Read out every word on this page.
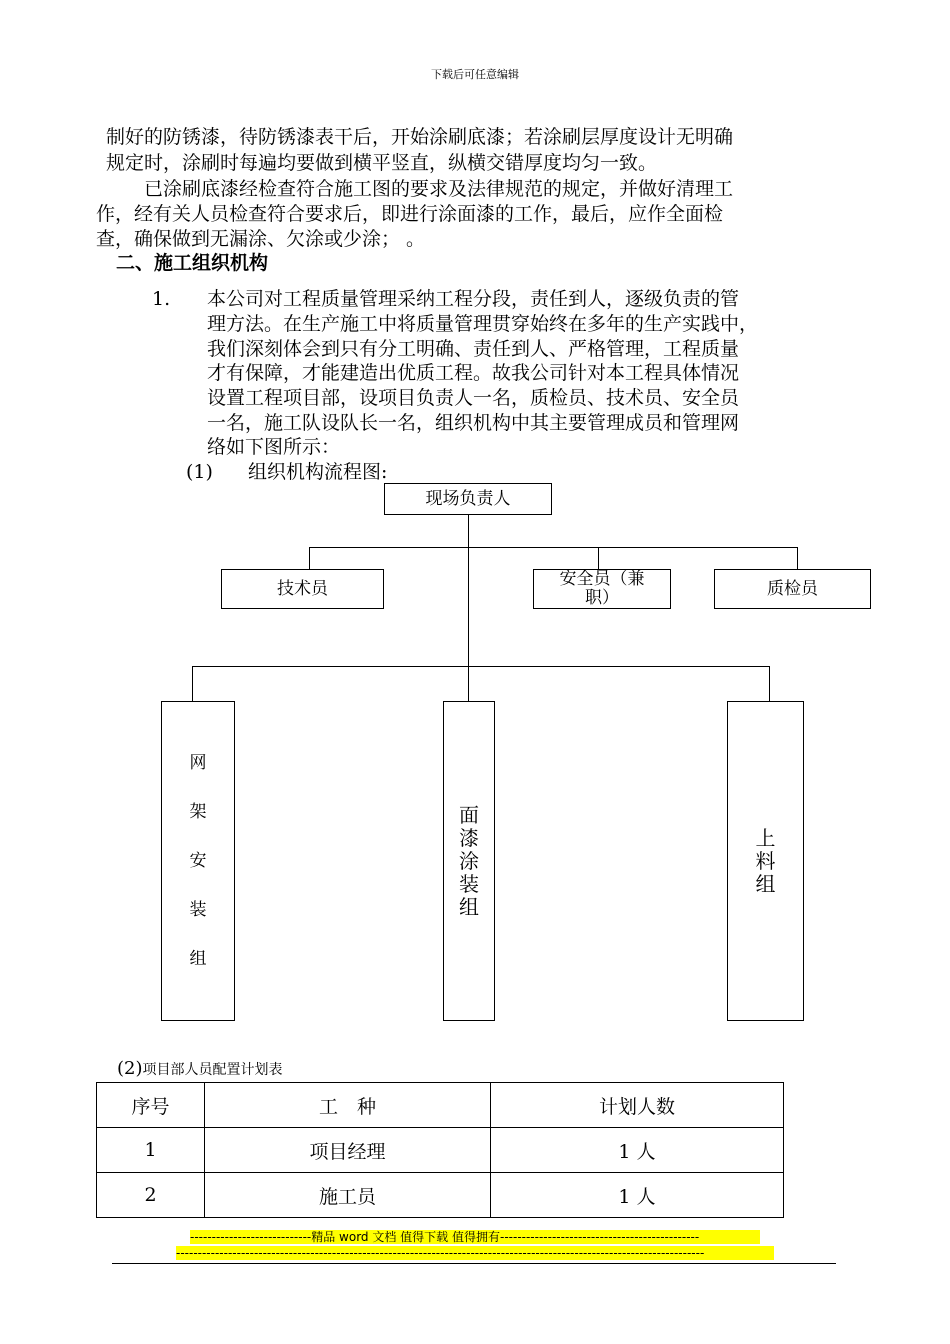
下载后可任意编辑
制好的防锈漆，待防锈漆表干后，开始涂刷底漆；若涂刷层厚度设计无明确
规定时，涂刷时每遍均要做到横平竖直，纵横交错厚度均匀一致。
已涂刷底漆经检查符合施工图的要求及法律规范的规定，并做好清理工
作，经有关人员检查符合要求后，即进行涂面漆的工作，最后，应作全面检
查，确保做到无漏涂、欠涂或少涂； 。
二、施工组织机构
1. 本公司对工程质量管理采纳工程分段，责任到人，逐级负责的管
理方法。在生产施工中将质量管理贯穿始终在多年的生产实践中，
我们深刻体会到只有分工明确、责任到人、严格管理，工程质量
才有保障，才能建造出优质工程。故我公司针对本工程具体情况
设置工程项目部，设项目负责人一名，质检员、技术员、安全员
一名，施工队设队长一名，组织机构中其主要管理成员和管理网
络如下图所示：
(1) 组织机构流程图:
现场负责人
技术员	安全员（兼职）	质检员
网
架
安
装
组
面
漆
涂
装
组
上
料
组
(2)项目部人员配置计划表
序号	工　种	计划人数
1	项目经理	1 人
2	施工员	1 人
----------------------------精品 word 文档 值得下载 值得拥有----------------------------------------------
--------------------------------------------------------------------------------------------------------------------------
